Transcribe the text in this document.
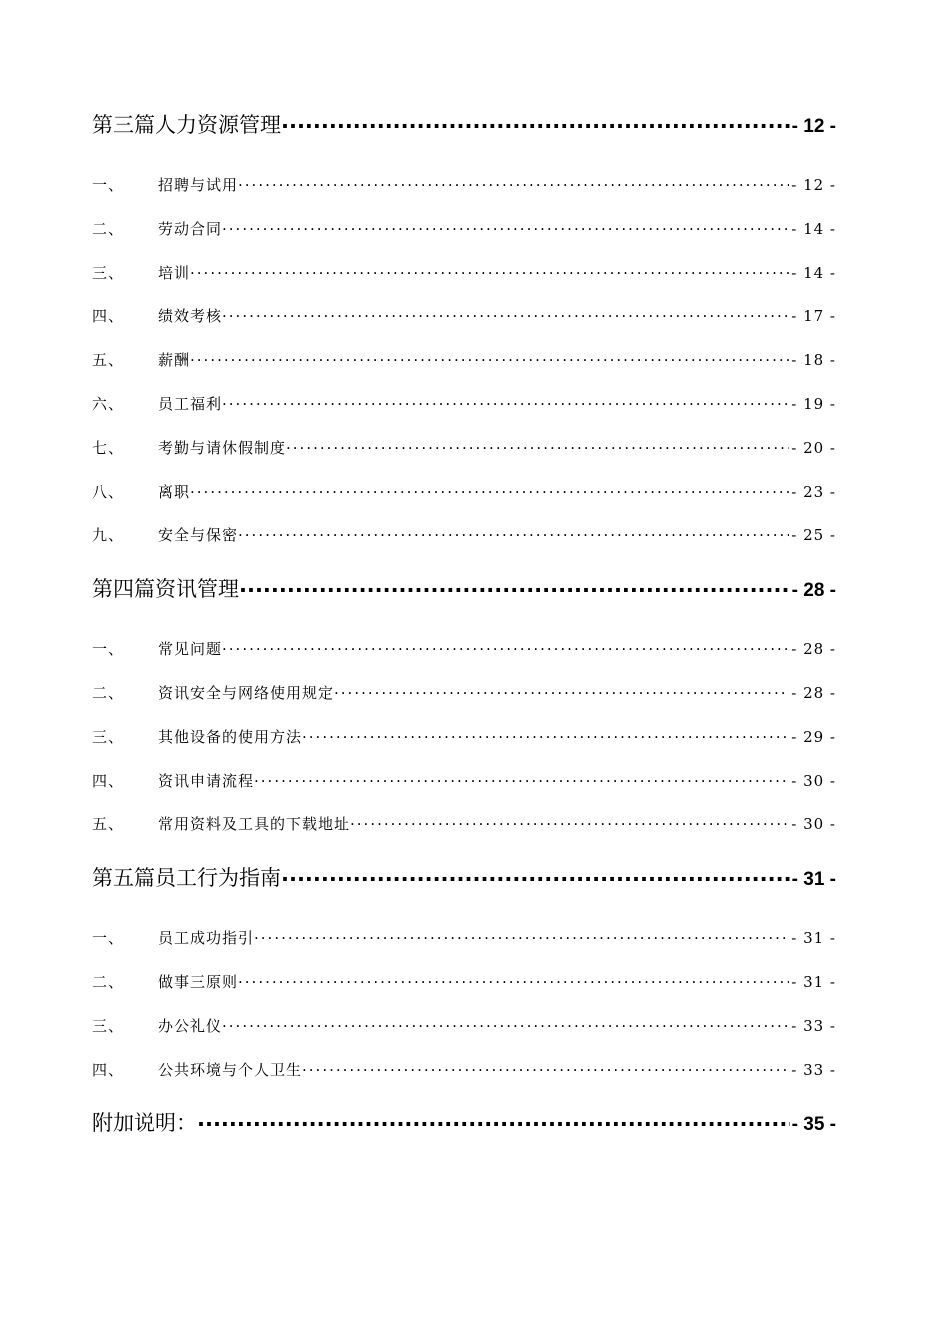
第三篇人力资源管理 .....	- 12 -
一、	招聘与试用 .....	- 12 -
二、	劳动合同 .....	- 14 -
三、	培训 .....	- 14 -
四、	绩效考核 .....	- 17 -
五、	薪酬 .....	- 18 -
六、	员工福利 .....	- 19 -
七、	考勤与请休假制度 .....	- 20 -
八、	离职 .....	- 23 -
九、	安全与保密 .....	- 25 -
第四篇资讯管理 .....	- 28 -
一、	常见问题 .....	- 28 -
二、	资讯安全与网络使用规定 .....	- 28 -
三、	其他设备的使用方法 .....	- 29 -
四、	资讯申请流程 .....	- 30 -
五、	常用资料及工具的下载地址 .....	- 30 -
第五篇员工行为指南 .....	- 31 -
一、	员工成功指引 .....	- 31 -
二、	做事三原则 .....	- 31 -
三、	办公礼仪 .....	- 33 -
四、	公共环境与个人卫生 .....	- 33 -
附加说明： .....	- 35 -
